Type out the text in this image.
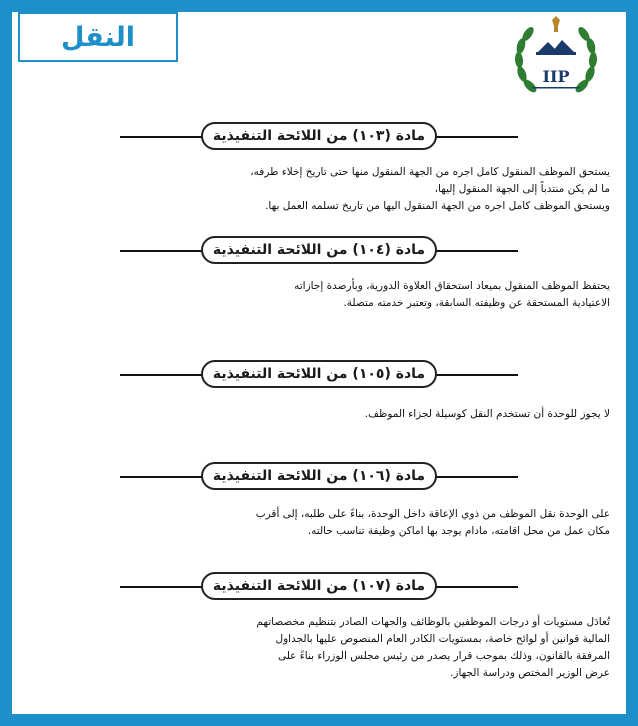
النقل
IIP
مادة (١٠٣) من اللائحة التنفيذية

يستحق الموظف المنقول كامل اجره من الجهة المنقول منها حتى تاريخ إخلاء طرفه،

ما لم يكن منتدباً إلى الجهة المنقول إليها،

ويستحق الموظف كامل اجره من الجهة المنقول اليها من تاريخ تسلمه العمل بها.

مادة (١٠٤) من اللائحة التنفيذية

يحتفظ الموظف المنقول بميعاد استحقاق العلاوة الدورية، وبأرصدة إجازاته

الاعتيادية المستحقة عن وظيفته السابقة، وتعتبر خدمته متصلة.

مادة (١٠٥) من اللائحة التنفيذية

لا يجوز للوحدة أن تستخدم النقل كوسيلة لجزاء الموظف.

مادة (١٠٦) من اللائحة التنفيذية

على الوحدة نقل الموظف من ذوي الإعاقة داخل الوحدة، بناءً على طلبه، إلى أقرب

مكان عمل من محل اقامته، مادام يوجد بها اماكن وظيفة تناسب حالته.

مادة (١٠٧) من اللائحة التنفيذية

تُعادَل مستويات أو درجات الموظفين بالوظائف والجهات الصادر بتنظيم مخصصاتهم

المالية قوانين أو لوائح خاصة، بمستويات الكادر العام المنصوص عليها بالجداول

المرفقة بالقانون، وذلك بموجب قرار يصدر من رئيس مجلس الوزراء بناءً على

عرض الوزير المختص ودراسة الجهاز.
